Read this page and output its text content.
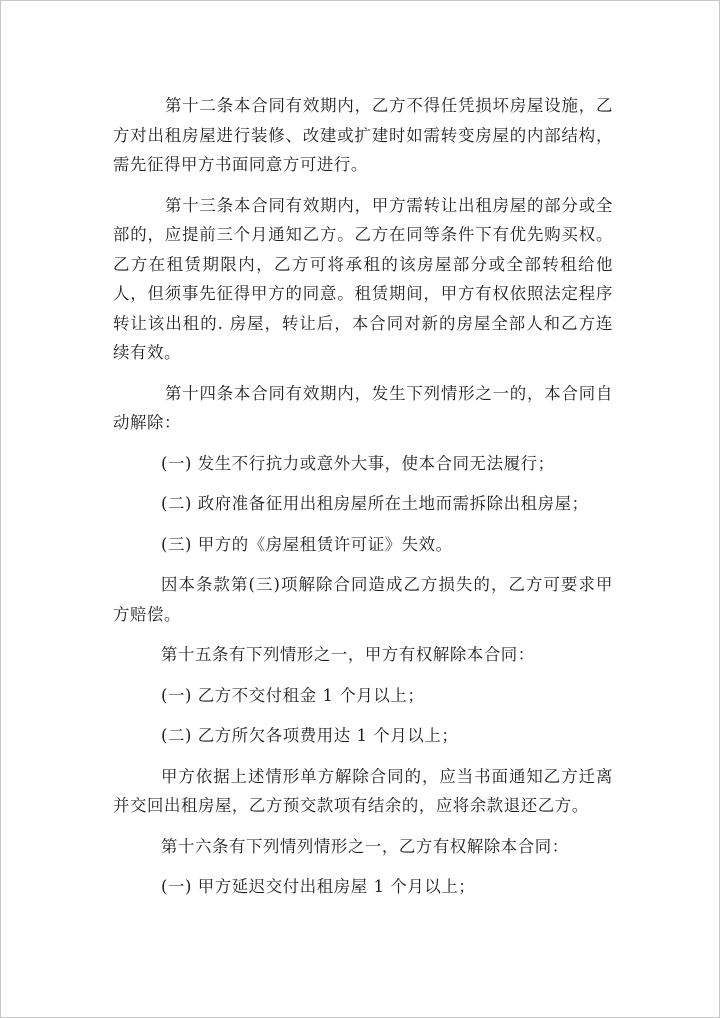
第十二条本合同有效期内，乙方不得任凭损坏房屋设施，乙方对出租房屋进行装修、改建或扩建时如需转变房屋的内部结构，需先征得甲方书面同意方可进行。

第十三条本合同有效期内，甲方需转让出租房屋的部分或全部的，应提前三个月通知乙方。乙方在同等条件下有优先购买权。乙方在租赁期限内，乙方可将承租的该房屋部分或全部转租给他人，但须事先征得甲方的同意。租赁期间，甲方有权依照法定程序转让该出租的. 房屋，转让后，本合同对新的房屋全部人和乙方连续有效。

第十四条本合同有效期内，发生下列情形之一的，本合同自动解除：

(一) 发生不行抗力或意外大事，使本合同无法履行；

(二) 政府准备征用出租房屋所在土地而需拆除出租房屋；

(三) 甲方的《房屋租赁许可证》失效。

因本条款第(三)项解除合同造成乙方损失的，乙方可要求甲方赔偿。

第十五条有下列情形之一，甲方有权解除本合同：

(一) 乙方不交付租金 1 个月以上；

(二) 乙方所欠各项费用达 1 个月以上；

甲方依据上述情形单方解除合同的，应当书面通知乙方迁离并交回出租房屋，乙方预交款项有结余的，应将余款退还乙方。

第十六条有下列情列情形之一，乙方有权解除本合同：

(一) 甲方延迟交付出租房屋 1 个月以上；
